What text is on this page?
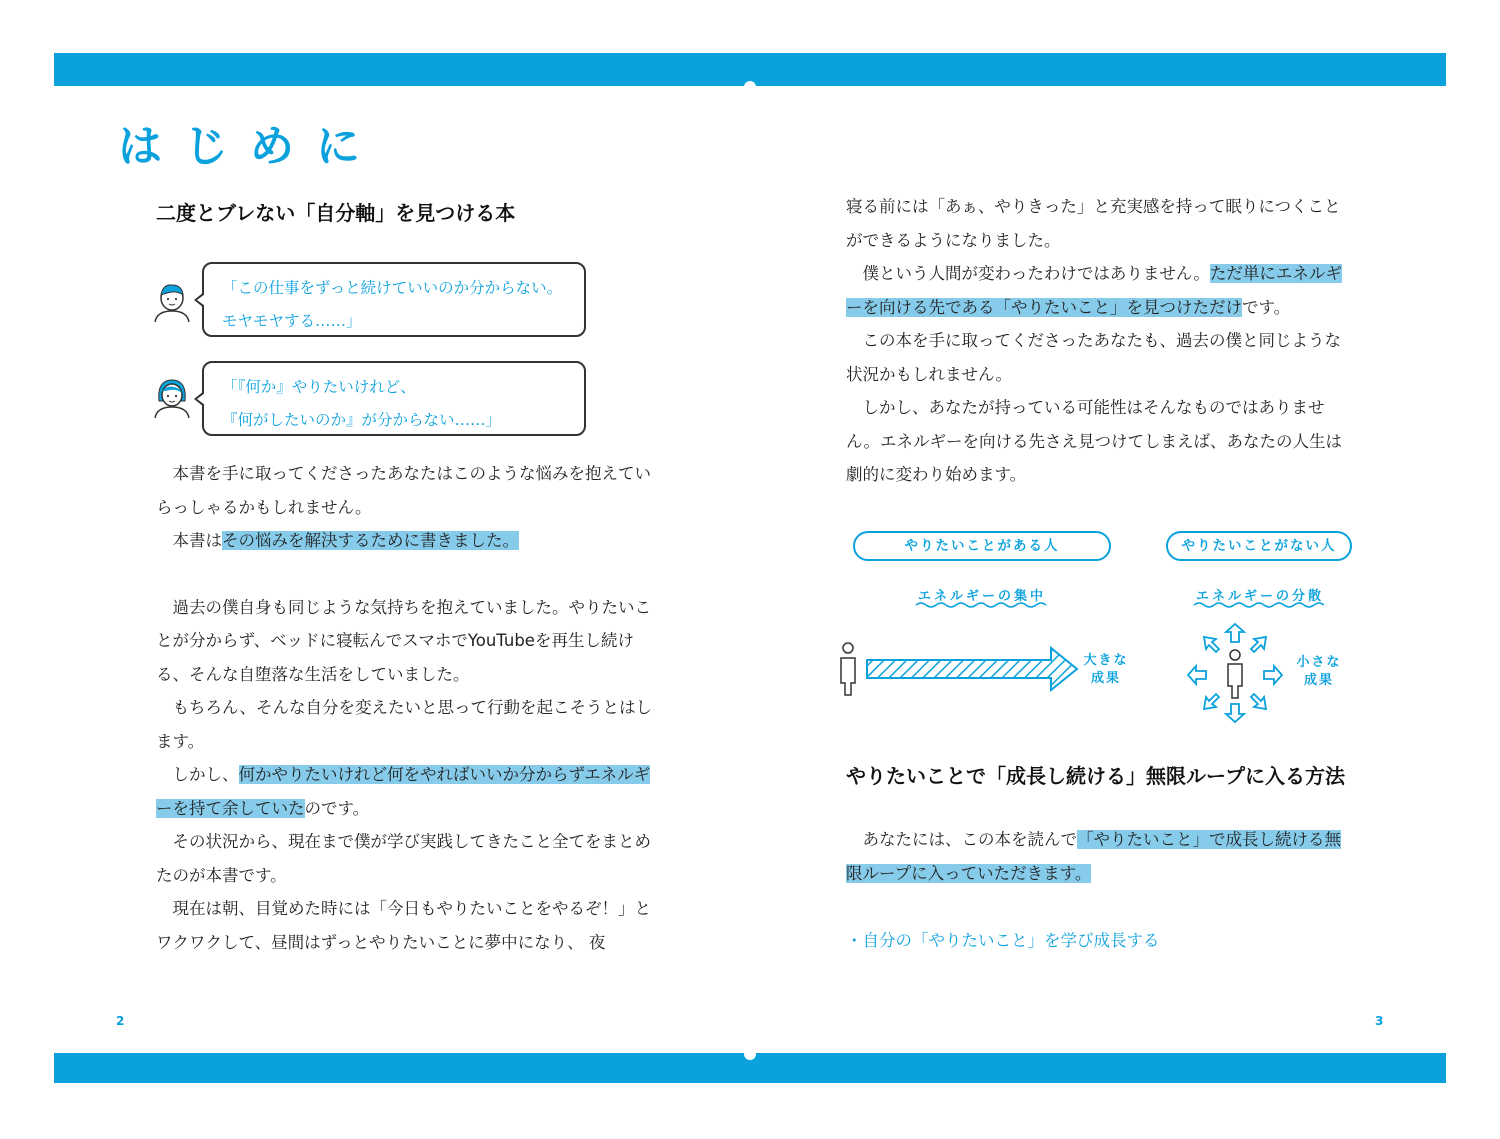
はじめに
二度とブレない「自分軸」を見つける本
「この仕事をずっと続けていいのか分からない。
モヤモヤする……」
「『何か』やりたいけれど、
『何がしたいのか』が分からない……」

本書を手に取ってくださったあなたはこのような悩みを抱えていらっしゃるかもしれません。

本書はその悩みを解決するために書きました。

過去の僕自身も同じような気持ちを抱えていました。やりたいことが分からず、ベッドに寝転んでスマホでYouTubeを再生し続ける、そんな自堕落な生活をしていました。

もちろん、そんな自分を変えたいと思って行動を起こそうとはします。

しかし、何かやりたいけれど何をやればいいか分からずエネルギーを持て余していたのです。

その状況から、現在まで僕が学び実践してきたこと全てをまとめたのが本書です。

現在は朝、目覚めた時には「今日もやりたいことをやるぞ！」とワクワクして、昼間はずっとやりたいことに夢中になり、 夜

2

寝る前には「あぁ、やりきった」と充実感を持って眠りにつくことができるようになりました。

僕という人間が変わったわけではありません。ただ単にエネルギーを向ける先である「やりたいこと」を見つけただけです。

この本を手に取ってくださったあなたも、過去の僕と同じような状況かもしれません。

しかし、あなたが持っている可能性はそんなものではありません。エネルギーを向ける先さえ見つけてしまえば、あなたの人生は劇的に変わり始めます。

やりたいことがある人	やりたいことがない人
エネルギーの集中	エネルギーの分散
大きな
成果
小さな
成果
やりたいことで「成長し続ける」無限ループに入る方法

あなたには、この本を読んで「やりたいこと」で成長し続ける無限ループに入っていただきます。

・自分の「やりたいこと」を学び成長する
3
